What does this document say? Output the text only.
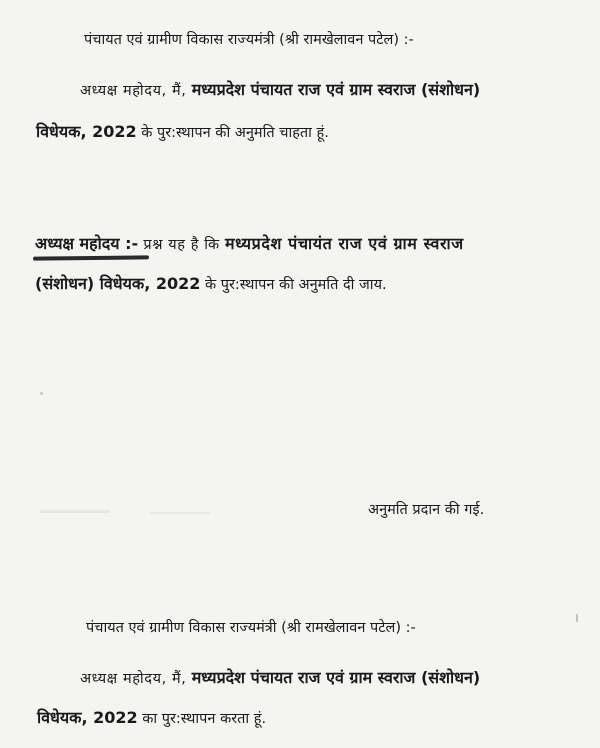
पंचायत एवं ग्रामीण विकास राज्यमंत्री (श्री रामखेलावन पटेल) :-
अध्यक्ष महोदय, मैं, मध्यप्रदेश पंचायत राज एवं ग्राम स्वराज (संशोधन)
विधेयक, 2022 के पुर:स्थापन की अनुमति चाहता हूं.
अध्यक्ष महोदय :- प्रश्न यह है कि मध्यप्रदेश पंचायंत राज एवं ग्राम स्वराज
(संशोधन) विधेयक, 2022 के पुर:स्थापन की अनुमति दी जाय.
अनुमति प्रदान की गई.
पंचायत एवं ग्रामीण विकास राज्यमंत्री (श्री रामखेलावन पटेल) :-
अध्यक्ष महोदय, मैं, मध्यप्रदेश पंचायत राज एवं ग्राम स्वराज (संशोधन)
विधेयक, 2022 का पुर:स्थापन करता हूं.
